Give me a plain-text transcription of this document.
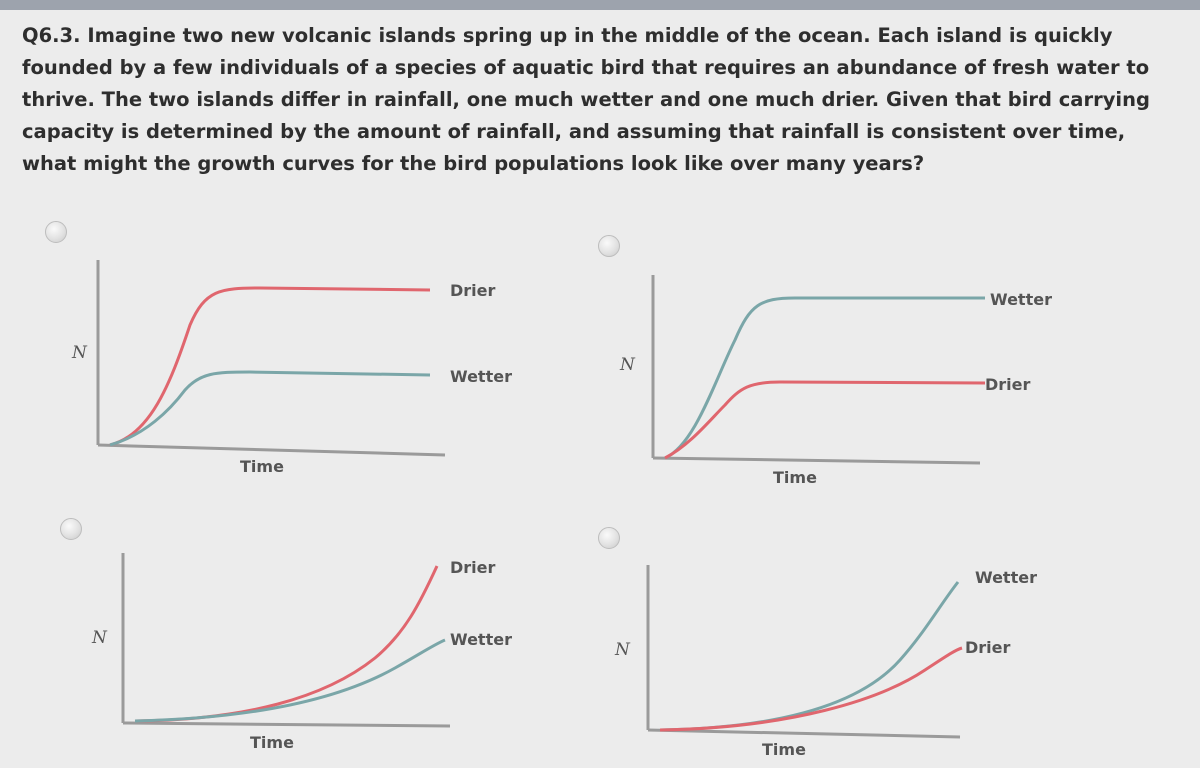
Q6.3. Imagine two new volcanic islands spring up in the middle of the ocean. Each island is quickly founded by a few individuals of a species of aquatic bird that requires an abundance of fresh water to thrive. The two islands differ in rainfall, one much wetter and one much drier. Given that bird carrying capacity is determined by the amount of rainfall, and assuming that rainfall is consistent over time, what might the growth curves for the bird populations look like over many years?
Drier
Wetter
N
Time
Wetter
Drier
N
Time
Drier
Wetter
N
Time
Wetter
Drier
N
Time
